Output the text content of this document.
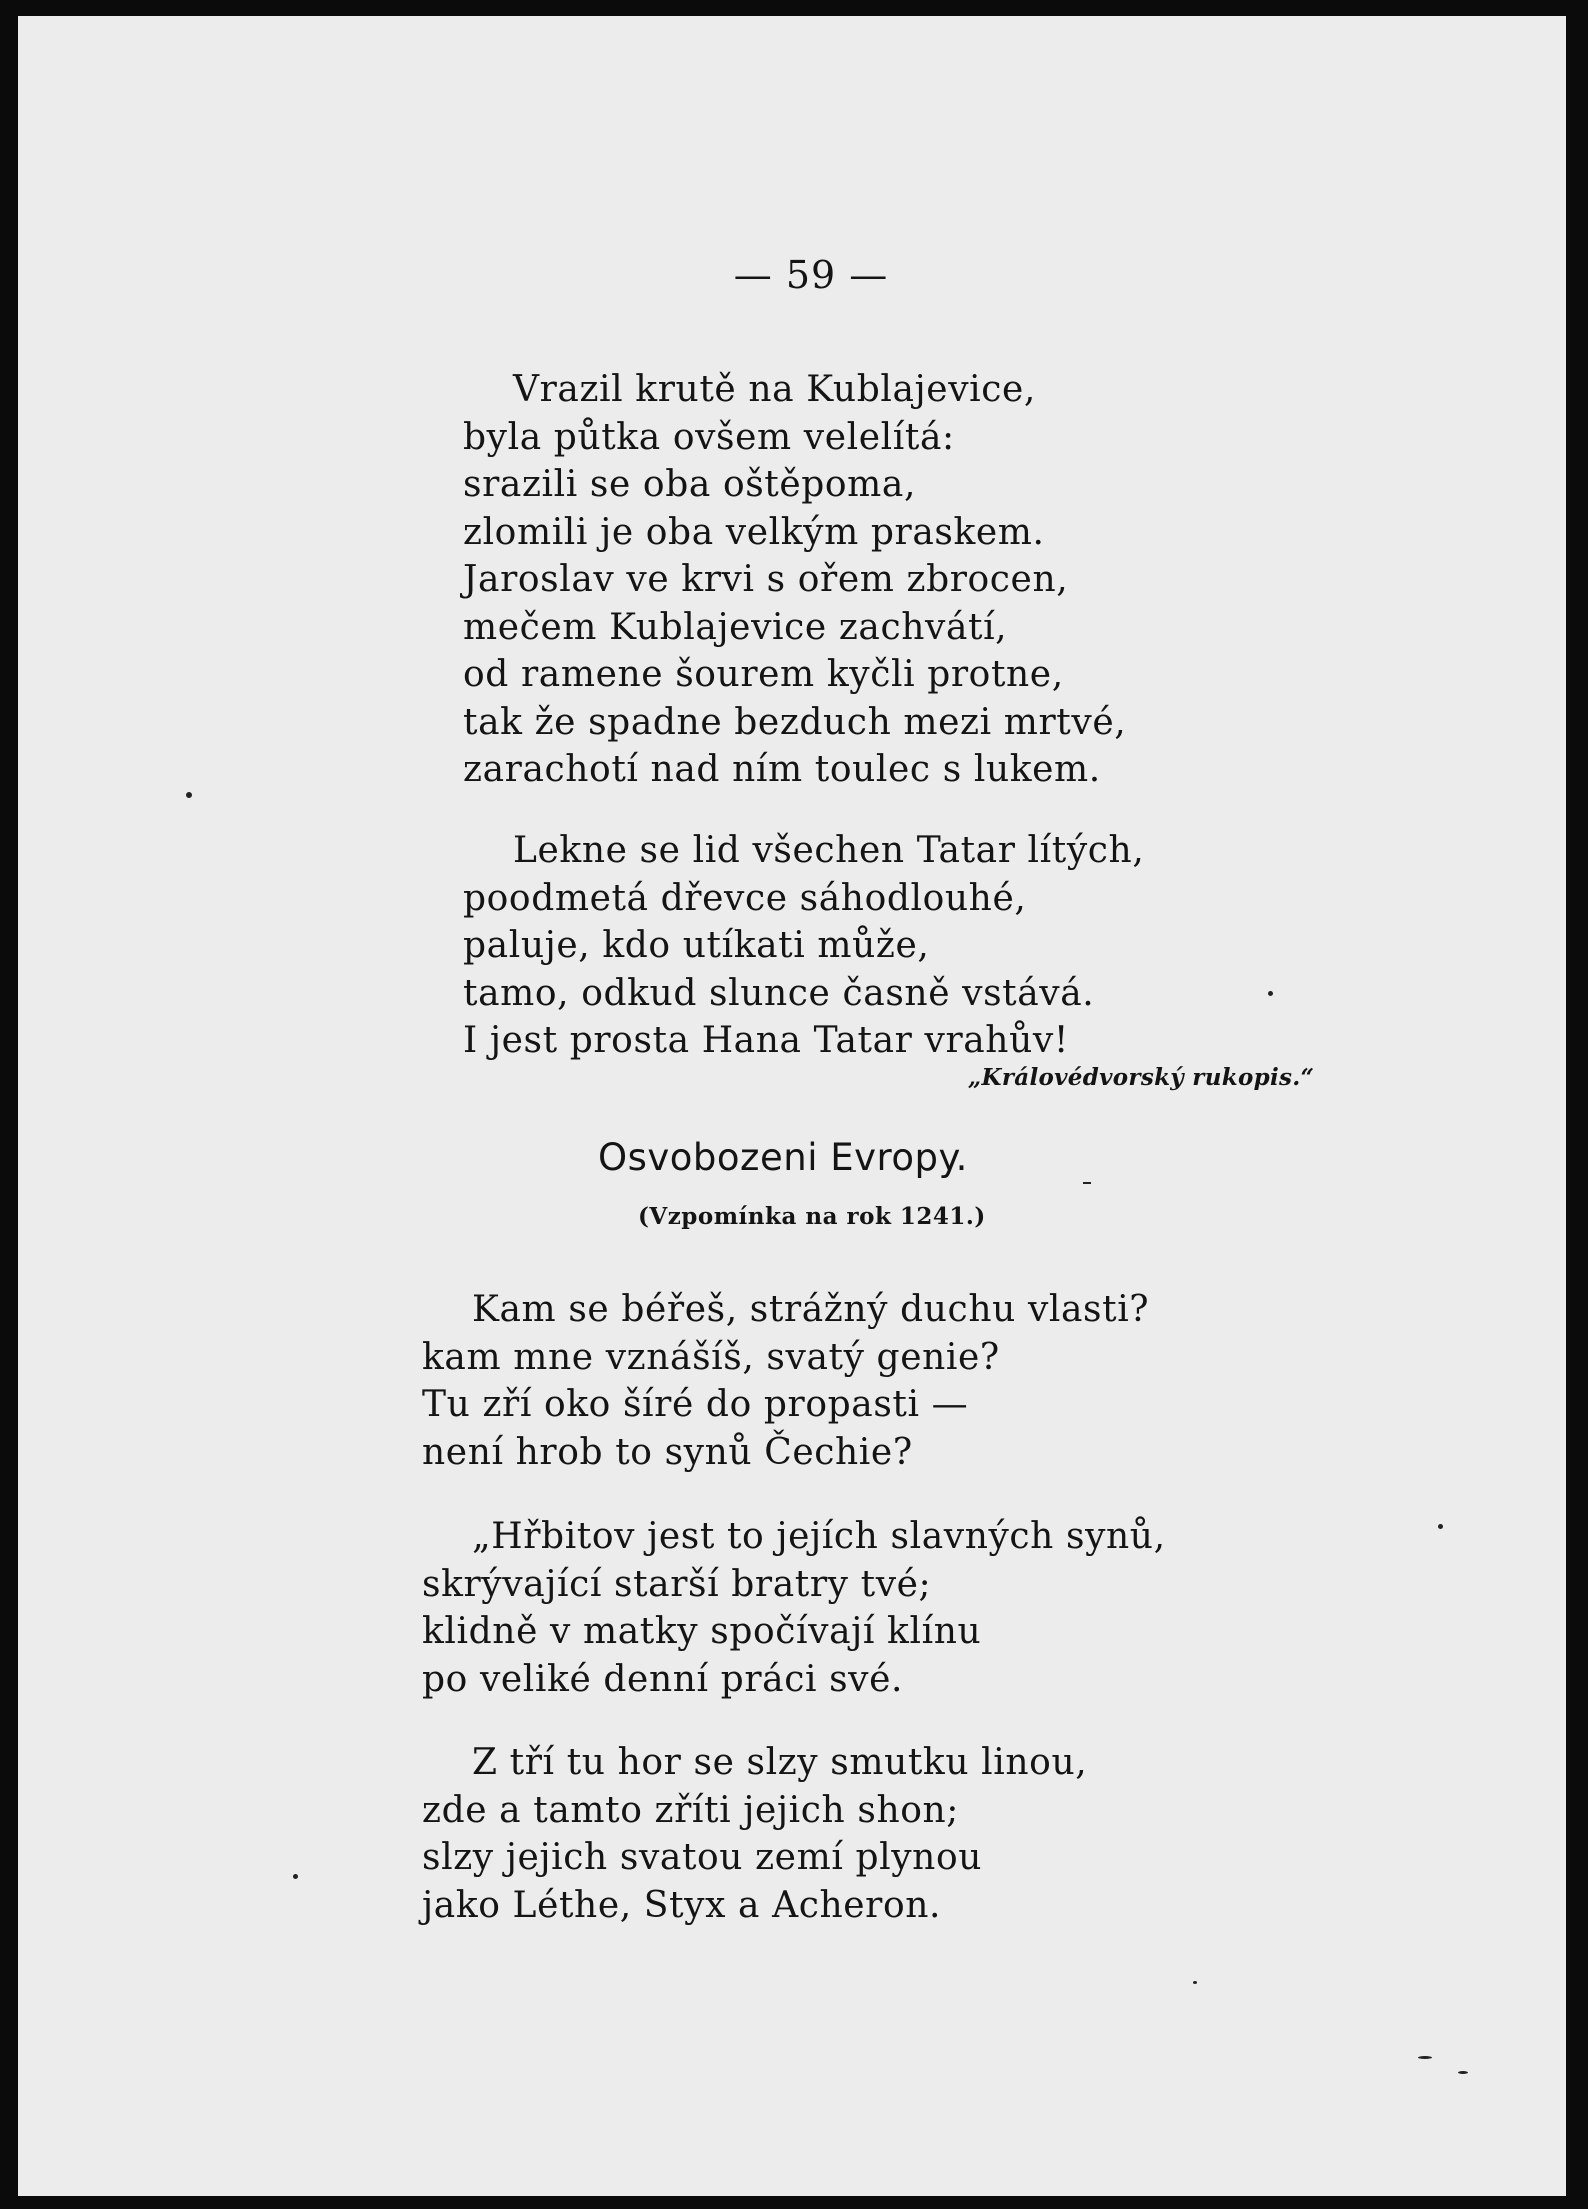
— 59 —
Vrazil krutě na Kublajevice,
byla půtka ovšem velelítá:
srazili se oba oštěpoma,
zlomili je oba velkým praskem.
Jaroslav ve krvi s ořem zbrocen,
mečem Kublajevice zachvátí,
od ramene šourem kyčli protne,
tak že spadne bezduch mezi mrtvé,
zarachotí nad ním toulec s lukem.
Lekne se lid všechen Tatar lítých,
poodmetá dřevce sáhodlouhé,
paluje, kdo utíkati může,
tamo, odkud slunce časně vstává.
I jest prosta Hana Tatar vrahův!
„Královédvorský rukopis.“
Osvobozeni Evropy.
(Vzpomínka na rok 1241.)
Kam se béřeš, strážný duchu vlasti?
kam mne vznášíš, svatý genie?
Tu zří oko šíré do propasti —
není hrob to synů Čechie?
„Hřbitov jest to jejích slavných synů,
skrývající starší bratry tvé;
klidně v matky spočívají klínu
po veliké denní práci své.
Z tří tu hor se slzy smutku linou,
zde a tamto zříti jejich shon;
slzy jejich svatou zemí plynou
jako Léthe, Styx a Acheron.
